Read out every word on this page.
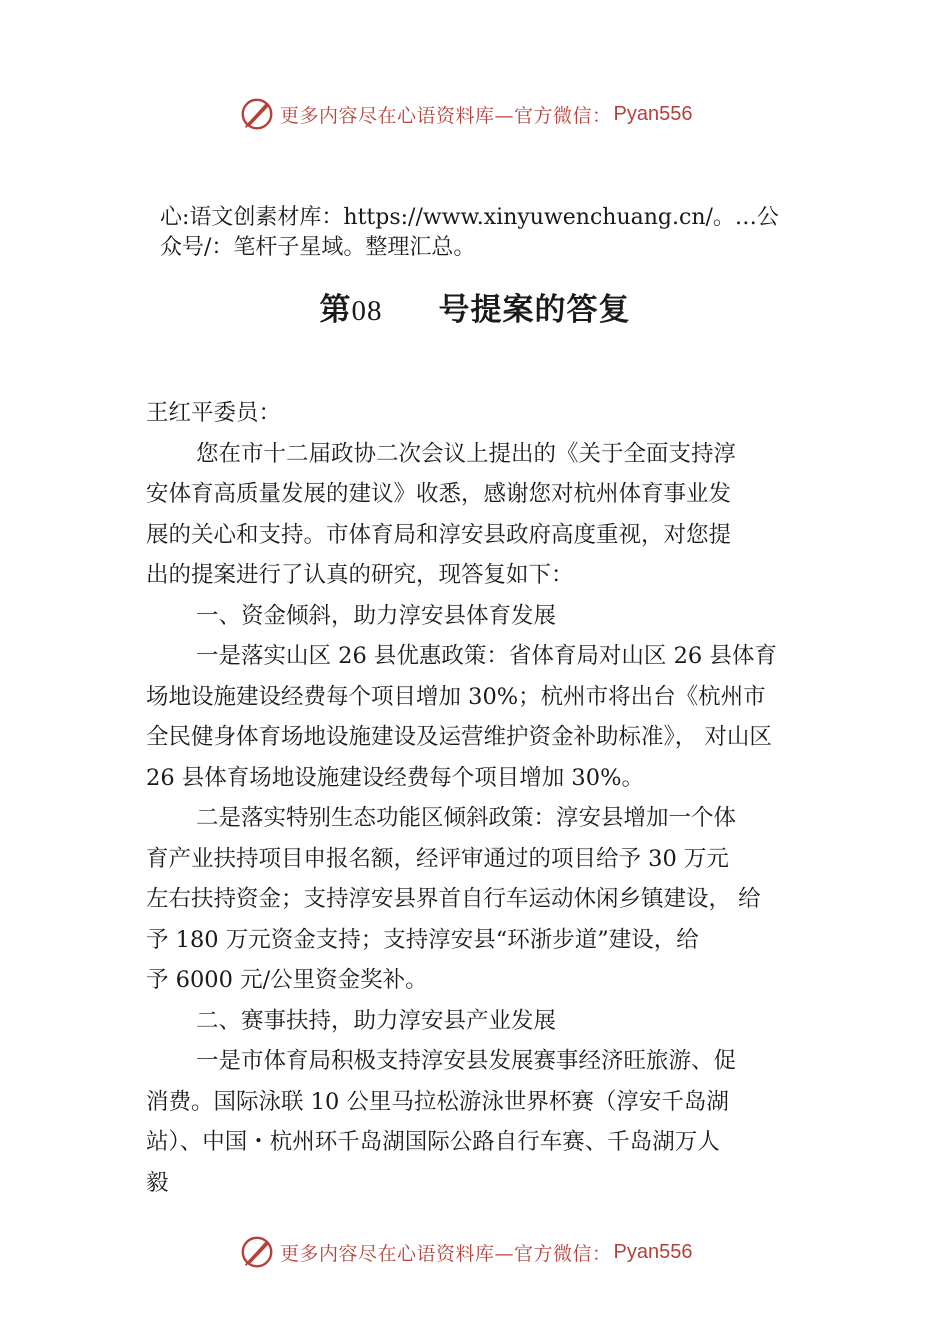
更多内容尽在心语资料库—官方微信： Pyan556
心:语文创素材库：https://www.xinyuwenchuang.cn/。…公
众号/：笔杆子星域。整理汇总。
第08 号提案的答复
王红平委员：
您在市十二届政协二次会议上提出的《关于全面支持淳
安体育高质量发展的建议》收悉，感谢您对杭州体育事业发
展的关心和支持。市体育局和淳安县政府高度重视，对您提
出的提案进行了认真的研究，现答复如下：
一、资金倾斜，助力淳安县体育发展
一是落实山区 26 县优惠政策：省体育局对山区 26 县体育
场地设施建设经费每个项目增加 30%；杭州市将出台《杭州市
全民健身体育场地设施建设及运营维护资金补助标准》， 对山区
26 县体育场地设施建设经费每个项目增加 30%。
二是落实特别生态功能区倾斜政策：淳安县增加一个体
育产业扶持项目申报名额，经评审通过的项目给予 30 万元
左右扶持资金；支持淳安县界首自行车运动休闲乡镇建设， 给
予 180 万元资金支持；支持淳安县“环浙步道”建设，给
予 6000 元/公里资金奖补。
二、赛事扶持，助力淳安县产业发展
一是市体育局积极支持淳安县发展赛事经济旺旅游、促
消费。国际泳联 10 公里马拉松游泳世界杯赛（淳安千岛湖
站）、中国・杭州环千岛湖国际公路自行车赛、千岛湖万人
毅
更多内容尽在心语资料库—官方微信： Pyan556
